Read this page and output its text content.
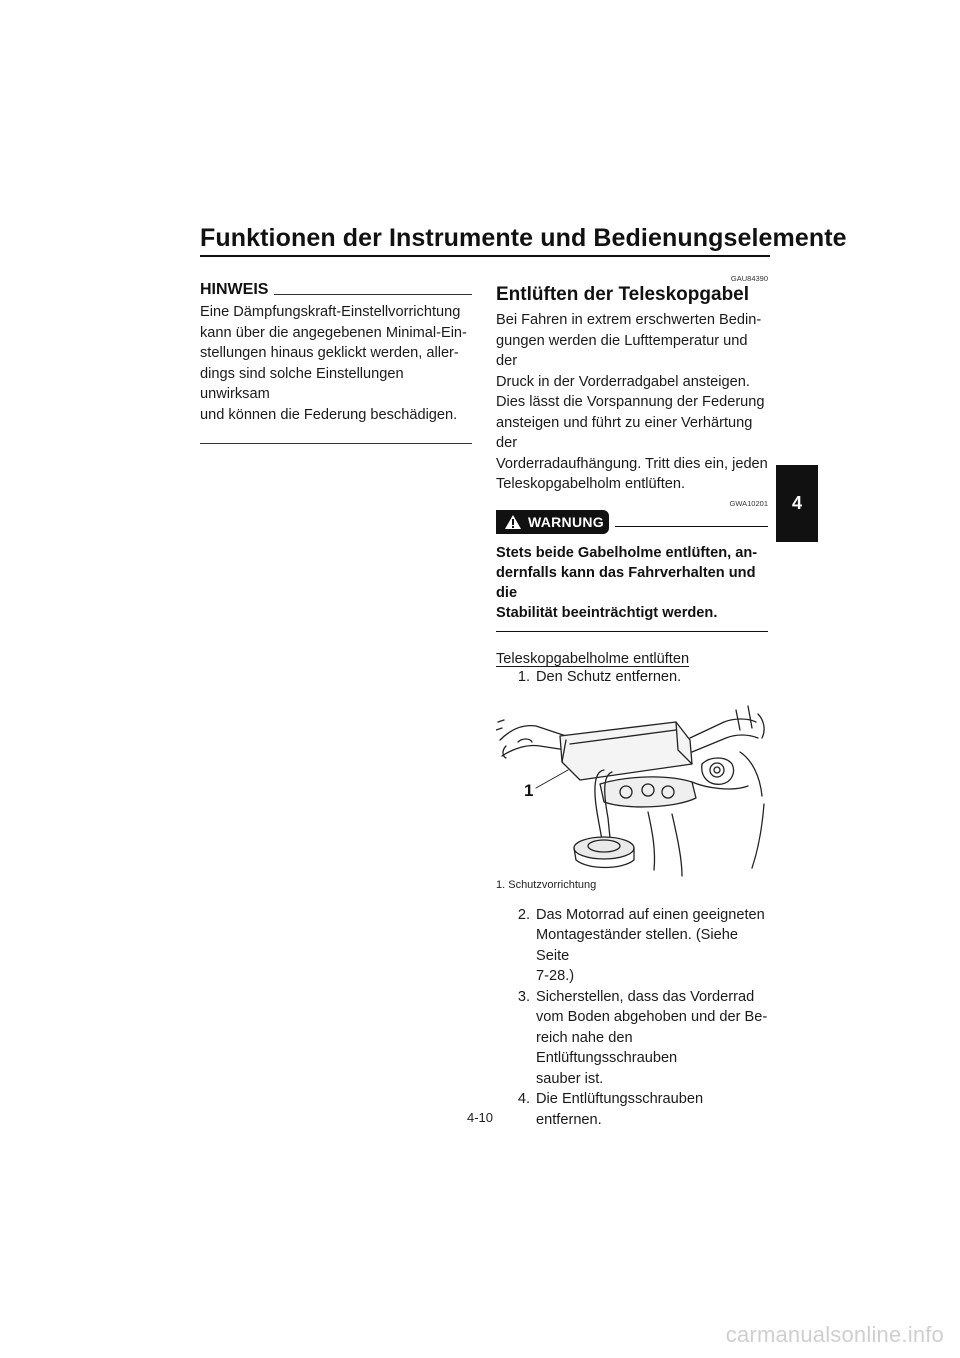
Funktionen der Instrumente und Bedienungselemente
4
HINWEIS

Eine Dämpfungskraft-Einstellvorrichtung
kann über die angegebenen Minimal-Ein-
stellungen hinaus geklickt werden, aller-
dings sind solche Einstellungen unwirksam
und können die Federung beschädigen.

GAU84390
Entlüften der Teleskopgabel

Bei Fahren in extrem erschwerten Bedin-
gungen werden die Lufttemperatur und der
Druck in der Vorderradgabel ansteigen.
Dies lässt die Vorspannung der Federung
ansteigen und führt zu einer Verhärtung der
Vorderradaufhängung. Tritt dies ein, jeden
Teleskopgabelholm entlüften.

GWA10201
WARNUNG

Stets beide Gabelholme entlüften, an-
dernfalls kann das Fahrverhalten und die
Stabilität beeinträchtigt werden.

Teleskopgabelholme entlüften
1. Den Schutz entfernen.
1
1. Schutzvorrichtung
2. Das Motorrad auf einen geeigneten
Montageständer stellen. (Siehe Seite
7-28.)
3. Sicherstellen, dass das Vorderrad
vom Boden abgehoben und der Be-
reich nahe den Entlüftungsschrauben
sauber ist.
4. Die Entlüftungsschrauben entfernen.
4-10
carmanualsonline.info
